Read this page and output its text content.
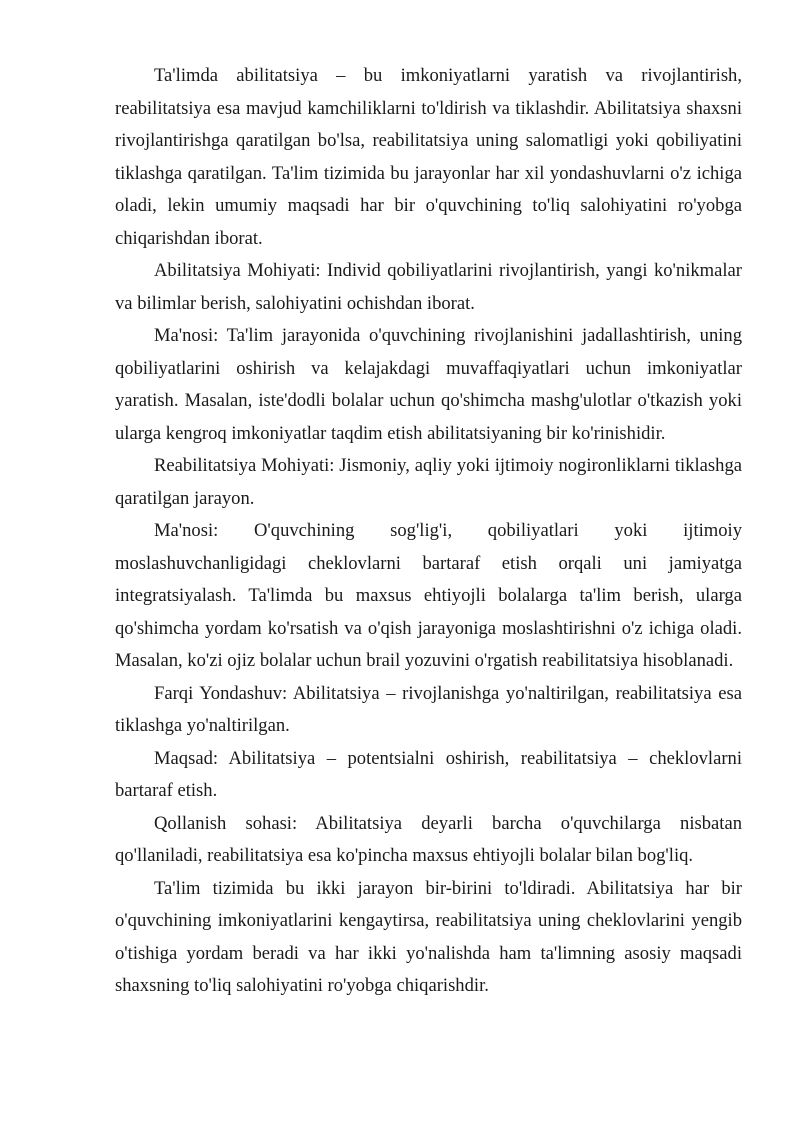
Ta'limda abilitatsiya – bu imkoniyatlarni yaratish va rivojlantirish, reabilitatsiya esa mavjud kamchiliklarni to'ldirish va tiklashdir. Abilitatsiya shaxsni rivojlantirishga qaratilgan bo'lsa, reabilitatsiya uning salomatligi yoki qobiliyatini tiklashga qaratilgan. Ta'lim tizimida bu jarayonlar har xil yondashuvlarni o'z ichiga oladi, lekin umumiy maqsadi har bir o'quvchining to'liq salohiyatini ro'yobga chiqarishdan iborat.

Abilitatsiya Mohiyati: Individ qobiliyatlarini rivojlantirish, yangi ko'nikmalar va bilimlar berish, salohiyatini ochishdan iborat.

Ma'nosi: Ta'lim jarayonida o'quvchining rivojlanishini jadallashtirish, uning qobiliyatlarini oshirish va kelajakdagi muvaffaqiyatlari uchun imkoniyatlar yaratish. Masalan, iste'dodli bolalar uchun qo'shimcha mashg'ulotlar o'tkazish yoki ularga kengroq imkoniyatlar taqdim etish abilitatsiyaning bir ko'rinishidir.

Reabilitatsiya Mohiyati: Jismoniy, aqliy yoki ijtimoiy nogironliklarni tiklashga qaratilgan jarayon.

Ma'nosi: O'quvchining sog'lig'i, qobiliyatlari yoki ijtimoiy moslashuvchanligidagi cheklovlarni bartaraf etish orqali uni jamiyatga integratsiyalash. Ta'limda bu maxsus ehtiyojli bolalarga ta'lim berish, ularga qo'shimcha yordam ko'rsatish va o'qish jarayoniga moslashtirishni o'z ichiga oladi. Masalan, ko'zi ojiz bolalar uchun brail yozuvini o'rgatish reabilitatsiya hisoblanadi.

Farqi Yondashuv: Abilitatsiya – rivojlanishga yo'naltirilgan, reabilitatsiya esa tiklashga yo'naltirilgan.

Maqsad: Abilitatsiya – potentsialni oshirish, reabilitatsiya – cheklovlarni bartaraf etish.

Qollanish sohasi: Abilitatsiya deyarli barcha o'quvchilarga nisbatan qo'llaniladi, reabilitatsiya esa ko'pincha maxsus ehtiyojli bolalar bilan bog'liq.

Ta'lim tizimida bu ikki jarayon bir-birini to'ldiradi. Abilitatsiya har bir o'quvchining imkoniyatlarini kengaytirsa, reabilitatsiya uning cheklovlarini yengib o'tishiga yordam beradi va har ikki yo'nalishda ham ta'limning asosiy maqsadi shaxsning to'liq salohiyatini ro'yobga chiqarishdir.
